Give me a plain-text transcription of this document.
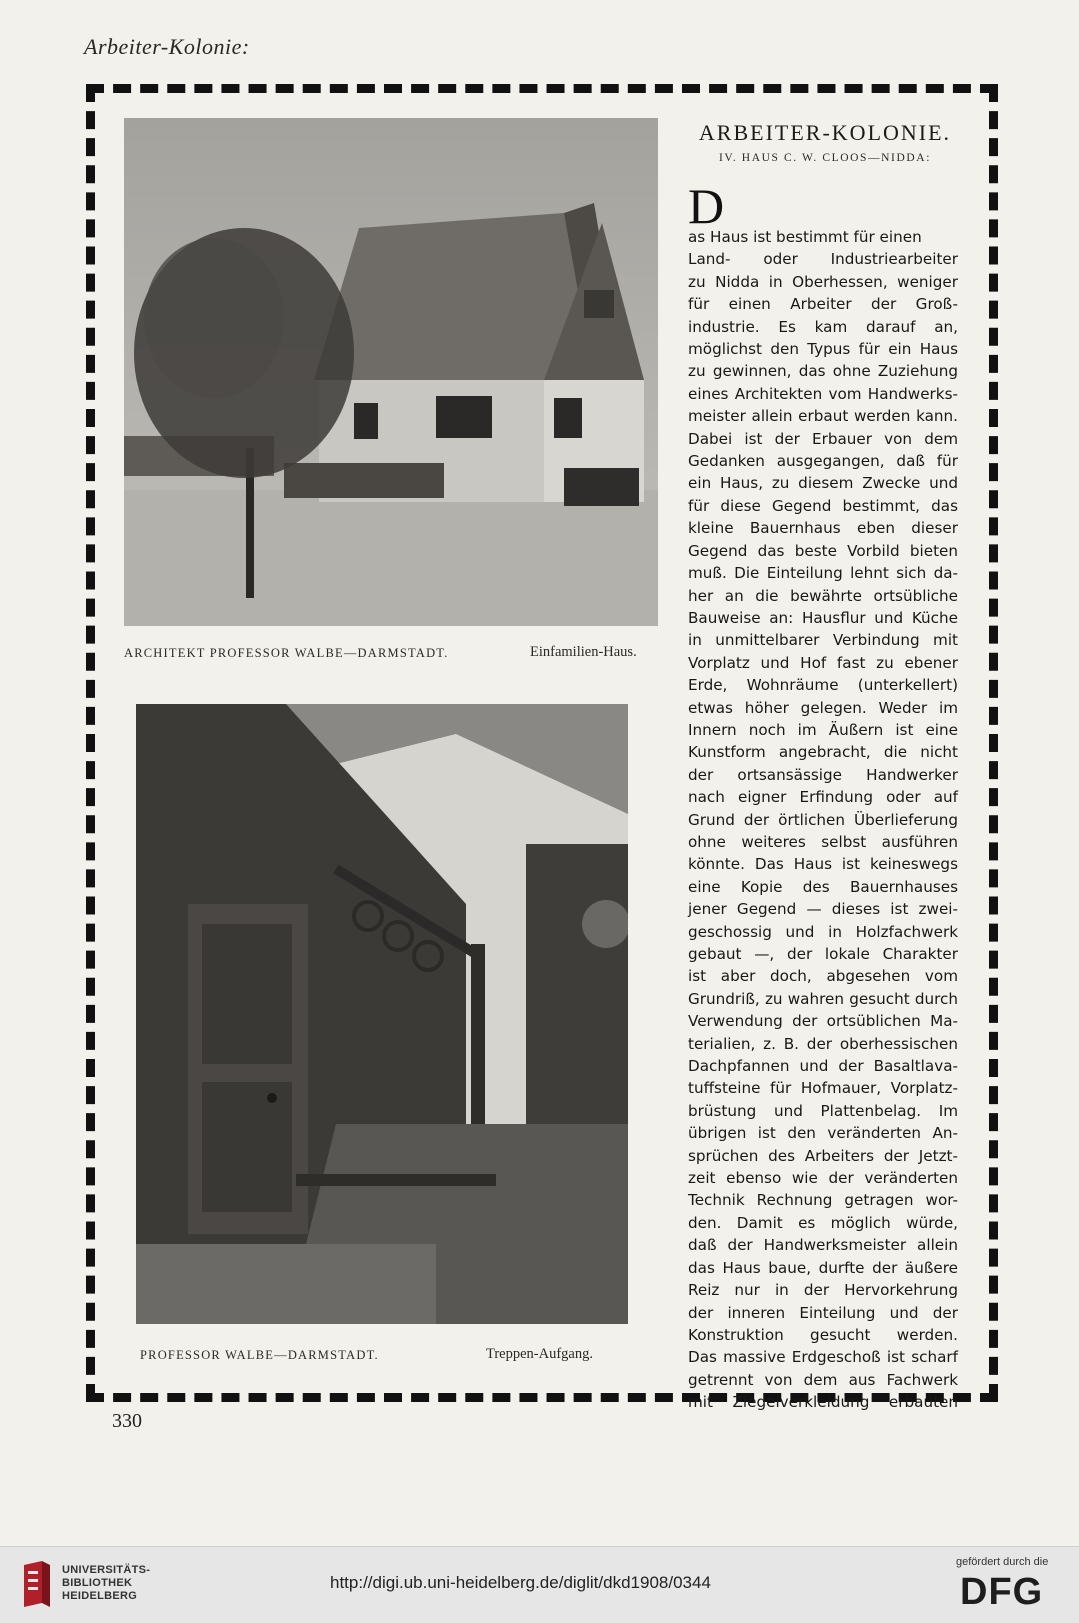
Arbeiter-Kolonie:
ARCHITEKT PROFESSOR WALBE—DARMSTADT.	Einfamilien-Haus.
PROFESSOR WALBE—DARMSTADT.	Treppen-Aufgang.
ARBEITER-KOLONIE.
IV. HAUS C. W. CLOOS—NIDDA:
D
as Haus ist bestimmt für einen

Land- oder Industriearbeiter
zu Nidda in Oberhessen, weniger
für einen Arbeiter der Groß-
industrie. Es kam darauf an,
möglichst den Typus für ein Haus
zu gewinnen, das ohne Zuziehung
eines Architekten vom Handwerks-
meister allein erbaut werden kann.
Dabei ist der Erbauer von dem
Gedanken ausgegangen, daß für
ein Haus, zu diesem Zwecke und
für diese Gegend bestimmt, das
kleine Bauernhaus eben dieser
Gegend das beste Vorbild bieten
muß. Die Einteilung lehnt sich da-
her an die bewährte ortsübliche
Bauweise an: Hausflur und Küche
in unmittelbarer Verbindung mit
Vorplatz und Hof fast zu ebener
Erde, Wohnräume (unterkellert)
etwas höher gelegen. Weder im
Innern noch im Äußern ist eine
Kunstform angebracht, die nicht
der ortsansässige Handwerker
nach eigner Erfindung oder auf
Grund der örtlichen Überlieferung
ohne weiteres selbst ausführen
könnte. Das Haus ist keineswegs
eine Kopie des Bauernhauses
jener Gegend — dieses ist zwei-
geschossig und in Holzfachwerk
gebaut —, der lokale Charakter
ist aber doch, abgesehen vom
Grundriß, zu wahren gesucht durch
Verwendung der ortsüblichen Ma-
terialien, z. B. der oberhessischen
Dachpfannen und der Basaltlava-
tuffsteine für Hofmauer, Vorplatz-
brüstung und Plattenbelag. Im
übrigen ist den veränderten An-
sprüchen des Arbeiters der Jetzt-
zeit ebenso wie der veränderten
Technik Rechnung getragen wor-
den. Damit es möglich würde,
daß der Handwerksmeister allein
das Haus baue, durfte der äußere
Reiz nur in der Hervorkehrung
der inneren Einteilung und der
Konstruktion gesucht werden.
Das massive Erdgeschoß ist scharf
getrennt von dem aus Fachwerk
mit Ziegelverkleidung erbauten
330
UNIVERSITÄTS-
BIBLIOTHEK
HEIDELBERG
http://digi.ub.uni-heidelberg.de/diglit/dkd1908/0344
gefördert durch die
DFG
